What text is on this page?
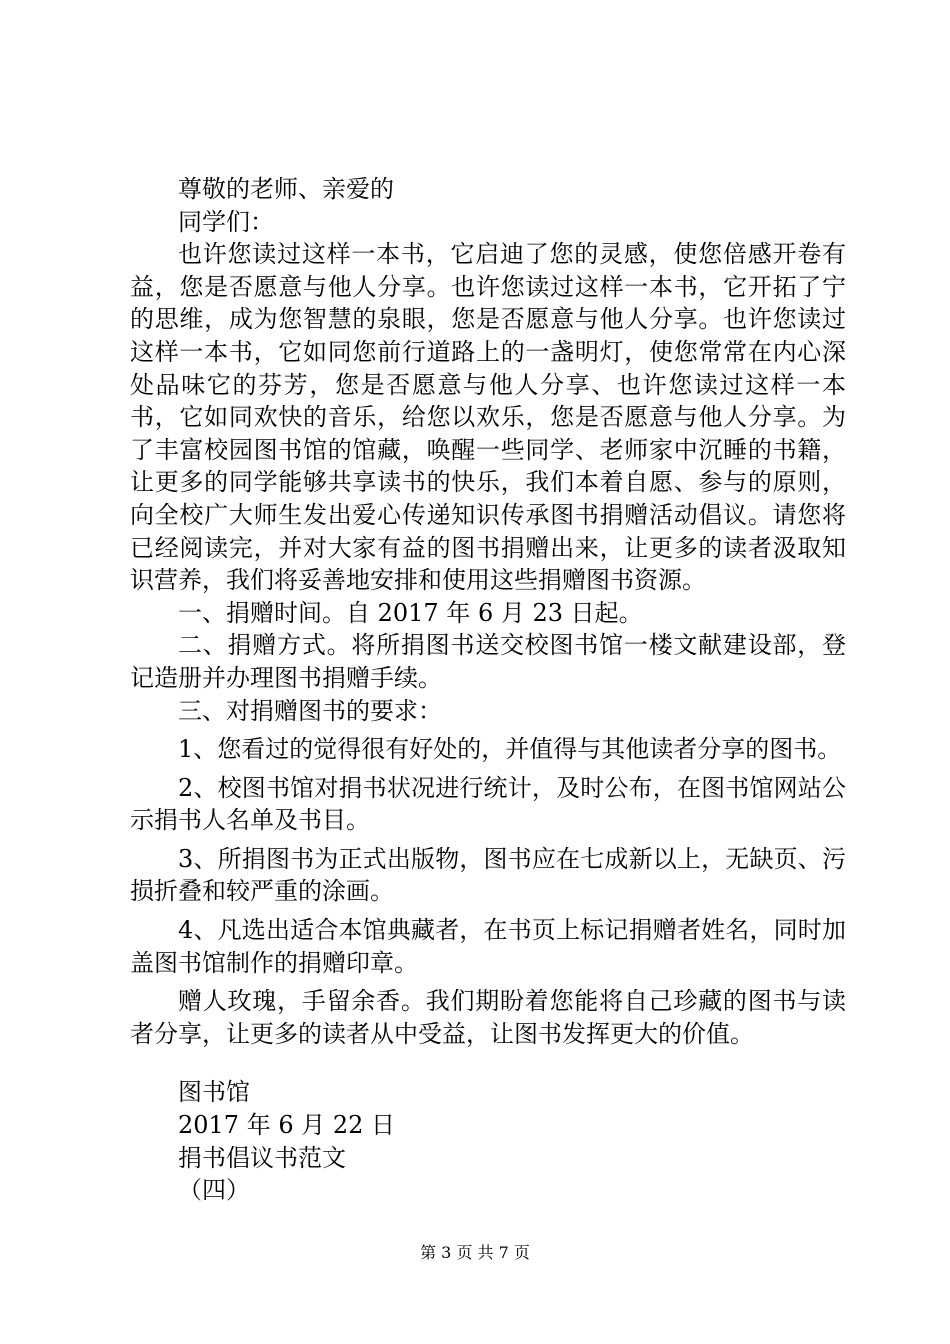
尊敬的老师、亲爱的
同学们：

也许您读过这样一本书，它启迪了您的灵感，使您倍感开卷有益，您是否愿意与他人分享。也许您读过这样一本书，它开拓了宁的思维，成为您智慧的泉眼，您是否愿意与他人分享。也许您读过这样一本书，它如同您前行道路上的一盏明灯，使您常常在内心深处品味它的芬芳，您是否愿意与他人分享、也许您读过这样一本书，它如同欢快的音乐，给您以欢乐，您是否愿意与他人分享。为了丰富校园图书馆的馆藏，唤醒一些同学、老师家中沉睡的书籍，让更多的同学能够共享读书的快乐，我们本着自愿、参与的原则，向全校广大师生发出爱心传递知识传承图书捐赠活动倡议。请您将已经阅读完，并对大家有益的图书捐赠出来，让更多的读者汲取知识营养，我们将妥善地安排和使用这些捐赠图书资源。

一、捐赠时间。自 2017 年 6 月 23 日起。

二、捐赠方式。将所捐图书送交校图书馆一楼文献建设部，登记造册并办理图书捐赠手续。

三、对捐赠图书的要求：

1、您看过的觉得很有好处的，并值得与其他读者分享的图书。

2、校图书馆对捐书状况进行统计，及时公布，在图书馆网站公示捐书人名单及书目。

3、所捐图书为正式出版物，图书应在七成新以上，无缺页、污损折叠和较严重的涂画。

4、凡选出适合本馆典藏者，在书页上标记捐赠者姓名，同时加盖图书馆制作的捐赠印章。

赠人玫瑰，手留余香。我们期盼着您能将自己珍藏的图书与读者分享，让更多的读者从中受益，让图书发挥更大的价值。

图书馆
2017 年 6 月 22 日
捐书倡议书范文
（四）
第 3 页 共 7 页
